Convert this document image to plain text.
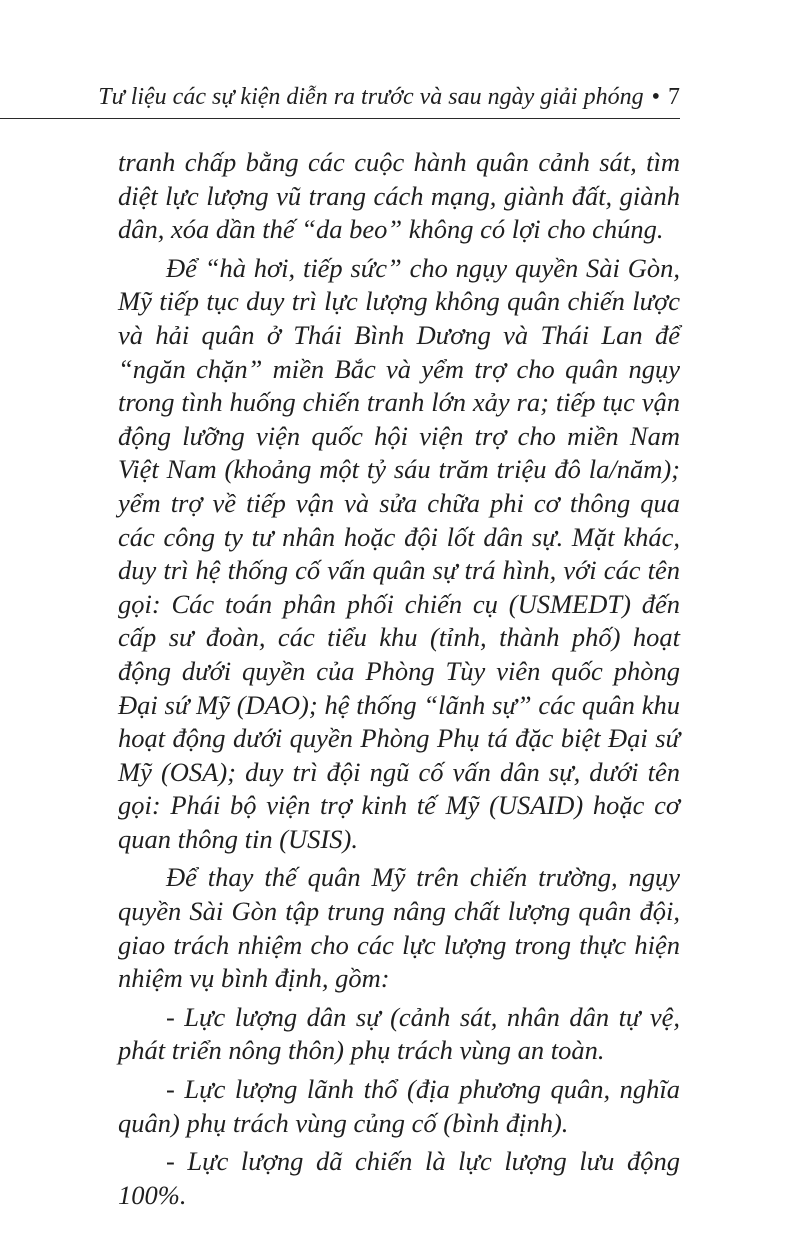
Tư liệu các sự kiện diễn ra trước và sau ngày giải phóng • 7

tranh chấp bằng các cuộc hành quân cảnh sát, tìm diệt lực lượng vũ trang cách mạng, giành đất, giành dân, xóa dần thế “da beo” không có lợi cho chúng.

Để “hà hơi, tiếp sức” cho ngụy quyền Sài Gòn, Mỹ tiếp tục duy trì lực lượng không quân chiến lược và hải quân ở Thái Bình Dương và Thái Lan để “ngăn chặn” miền Bắc và yểm trợ cho quân ngụy trong tình huống chiến tranh lớn xảy ra; tiếp tục vận động lưỡng viện quốc hội viện trợ cho miền Nam Việt Nam (khoảng một tỷ sáu trăm triệu đô la/năm); yểm trợ về tiếp vận và sửa chữa phi cơ thông qua các công ty tư nhân hoặc đội lốt dân sự. Mặt khác, duy trì hệ thống cố vấn quân sự trá hình, với các tên gọi: Các toán phân phối chiến cụ (USMEDT) đến cấp sư đoàn, các tiểu khu (tỉnh, thành phố) hoạt động dưới quyền của Phòng Tùy viên quốc phòng Đại sứ Mỹ (DAO); hệ thống “lãnh sự” các quân khu hoạt động dưới quyền Phòng Phụ tá đặc biệt Đại sứ Mỹ (OSA); duy trì đội ngũ cố vấn dân sự, dưới tên gọi: Phái bộ viện trợ kinh tế Mỹ (USAID) hoặc cơ quan thông tin (USIS).

Để thay thế quân Mỹ trên chiến trường, ngụy quyền Sài Gòn tập trung nâng chất lượng quân đội, giao trách nhiệm cho các lực lượng trong thực hiện nhiệm vụ bình định, gồm:

- Lực lượng dân sự (cảnh sát, nhân dân tự vệ, phát triển nông thôn) phụ trách vùng an toàn.

- Lực lượng lãnh thổ (địa phương quân, nghĩa quân) phụ trách vùng củng cố (bình định).

- Lực lượng dã chiến là lực lượng lưu động 100%.
